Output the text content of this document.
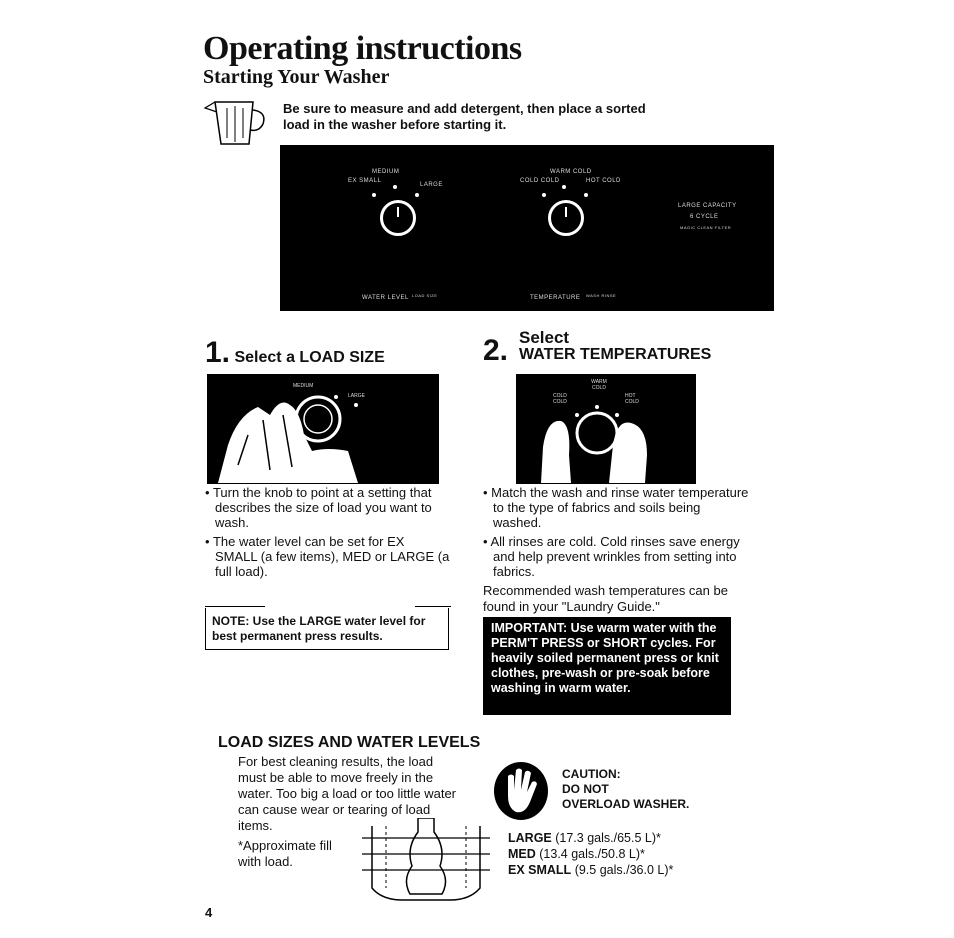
Operating instructions
Starting Your Washer
Be sure to measure and add detergent, then place a sorted load in the washer before starting it.
EX SMALL
MEDIUM
LARGE
WATER LEVEL LOAD SIZE
COLD COLD
WARM COLD
HOT COLD
TEMPERATURE WASH RINSE
LARGE CAPACITY
6 CYCLE
MAGIC CLEAN FILTER
1. Select a LOAD SIZE
MEDIUM
LARGE

• Turn the knob to point at a setting that describes the size of load you want to wash.

• The water level can be set for EX SMALL (a few items), MED or LARGE (a full load).

NOTE: Use the LARGE water level for best permanent press results.
2. Select
WATER TEMPERATURES
WARM COLD
COLD COLD
HOT COLD

• Match the wash and rinse water temperature to the type of fabrics and soils being washed.

• All rinses are cold. Cold rinses save energy and help prevent wrinkles from setting into fabrics.

Recommended wash temperatures can be found in your "Laundry Guide."
IMPORTANT: Use warm water with the PERM'T PRESS or SHORT cycles. For heavily soiled permanent press or knit clothes, pre-wash or pre-soak before washing in warm water.
LOAD SIZES AND WATER LEVELS
For best cleaning results, the load must be able to move freely in the water. Too big a load or too little water can cause wear or tearing of load items.
*Approximate fill with load.
CAUTION:
DO NOT
OVERLOAD WASHER.
LARGE (17.3 gals./65.5 L)*
MED (13.4 gals./50.8 L)*
EX SMALL (9.5 gals./36.0 L)*
4
